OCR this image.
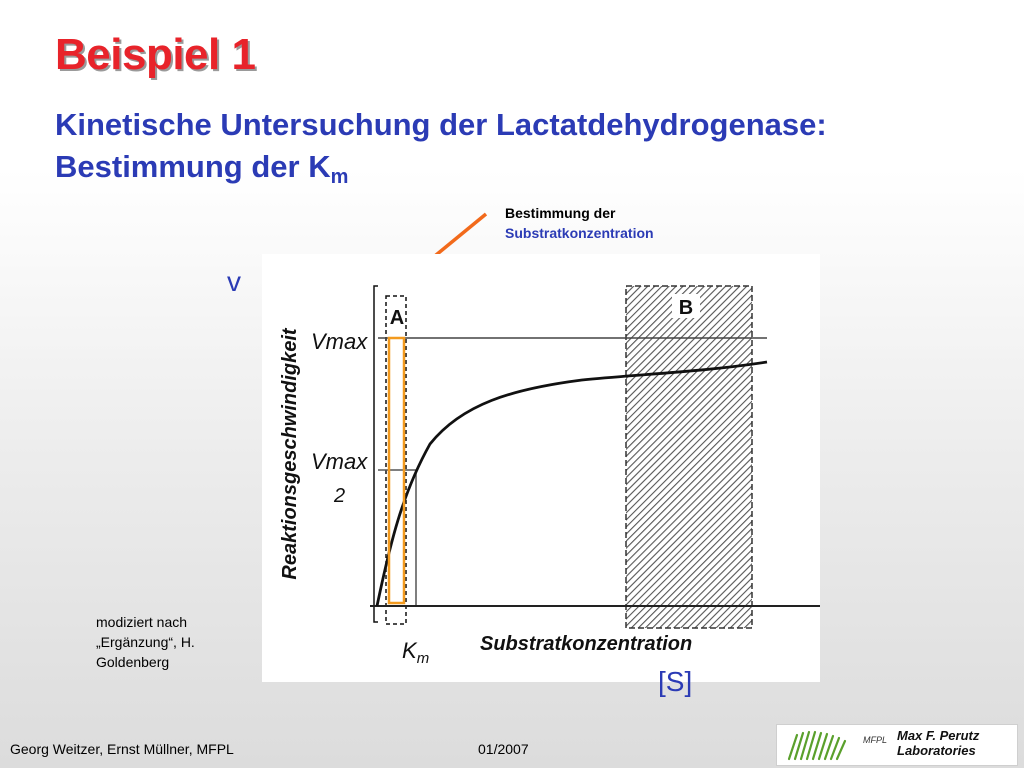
Beispiel 1
Kinetische Untersuchung der Lactatdehydrogenase:
Bestimmung der $K_m$
Bestimmung der
Substratkonzentration
v
B
A
Vmax
Vmax
2
Reaktionsgeschwindigkeit
Substratkonzentration
$K_m$
[S]
modiziert nach
„Ergänzung“, H.
Goldenberg
Georg Weitzer, Ernst Müllner, MFPL	01/2007
MFPL Max F. Perutz
Laboratories
